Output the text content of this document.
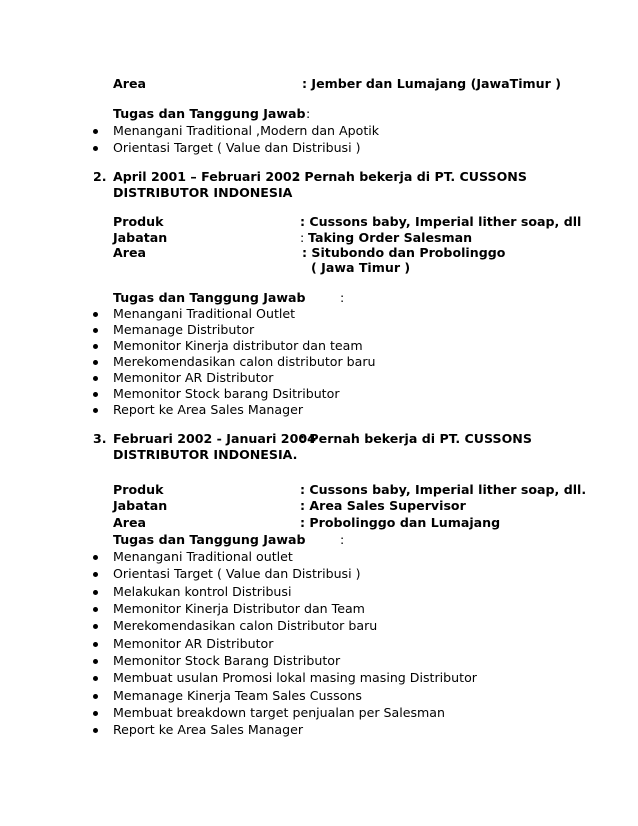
Area	: Jember dan Lumajang (JawaTimur )
Tugas dan Tanggung Jawab :
Menangani Traditional ,Modern dan Apotik
Orientasi Target ( Value dan Distribusi )
2. April 2001 – Februari 2002
: Pernah bekerja di PT. CUSSONS
DISTRIBUTOR INDONESIA
Produk	: Cussons baby, Imperial lither soap, dll
Jabatan	: Taking Order Salesman
Area	: Situbondo dan Probolinggo
( Jawa Timur )
Tugas dan Tanggung Jawab	:
Menangani Traditional Outlet
Memanage Distributor
Memonitor Kinerja distributor dan team
Merekomendasikan calon distributor baru
Memonitor AR Distributor
Memonitor Stock barang Dsitributor
Report ke Area Sales Manager
3. Februari 2002 - Januari 2004
: Pernah bekerja di PT. CUSSONS
DISTRIBUTOR INDONESIA.
Produk	: Cussons baby, Imperial lither soap, dll.
Jabatan	: Area Sales Supervisor
Area	: Probolinggo dan Lumajang
Tugas dan Tanggung Jawab	:
Menangani Traditional outlet
Orientasi Target ( Value dan Distribusi )
Melakukan kontrol Distribusi
Memonitor Kinerja Distributor dan Team
Merekomendasikan calon Distributor baru
Memonitor AR Distributor
Memonitor Stock Barang Distributor
Membuat usulan Promosi lokal masing masing Distributor
Memanage Kinerja Team Sales Cussons
Membuat breakdown target penjualan per Salesman
Report ke Area Sales Manager
